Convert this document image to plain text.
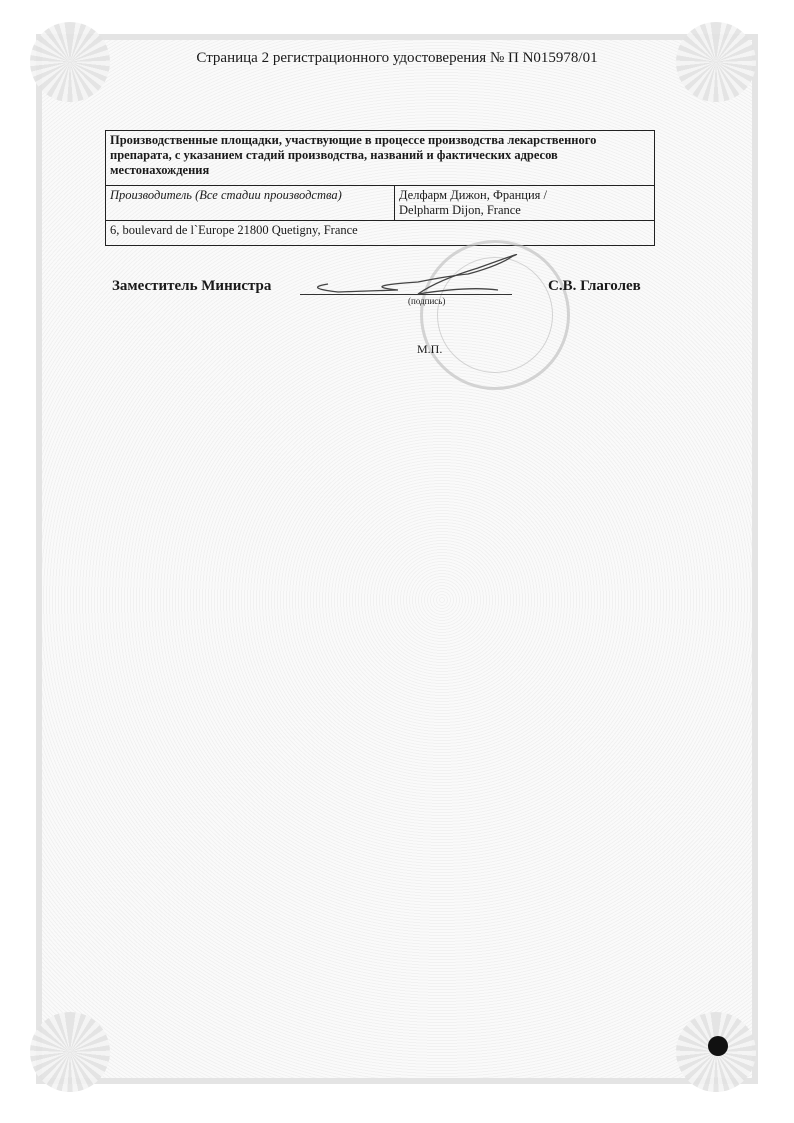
Страница 2 регистрационного удостоверения № П N015978/01
Производственные площадки, участвующие в процессе производства лекарственного препарата, с указанием стадий производства, названий и фактических адресов местонахождения
Производитель (Все стадии производства)	Делфарм Дижон, Франция /
Delpharm Dijon, France

6, boulevard de l`Europe 21800 Quetigny, France
Заместитель Министра
(подпись)
С.В. Глаголев
М.П.
